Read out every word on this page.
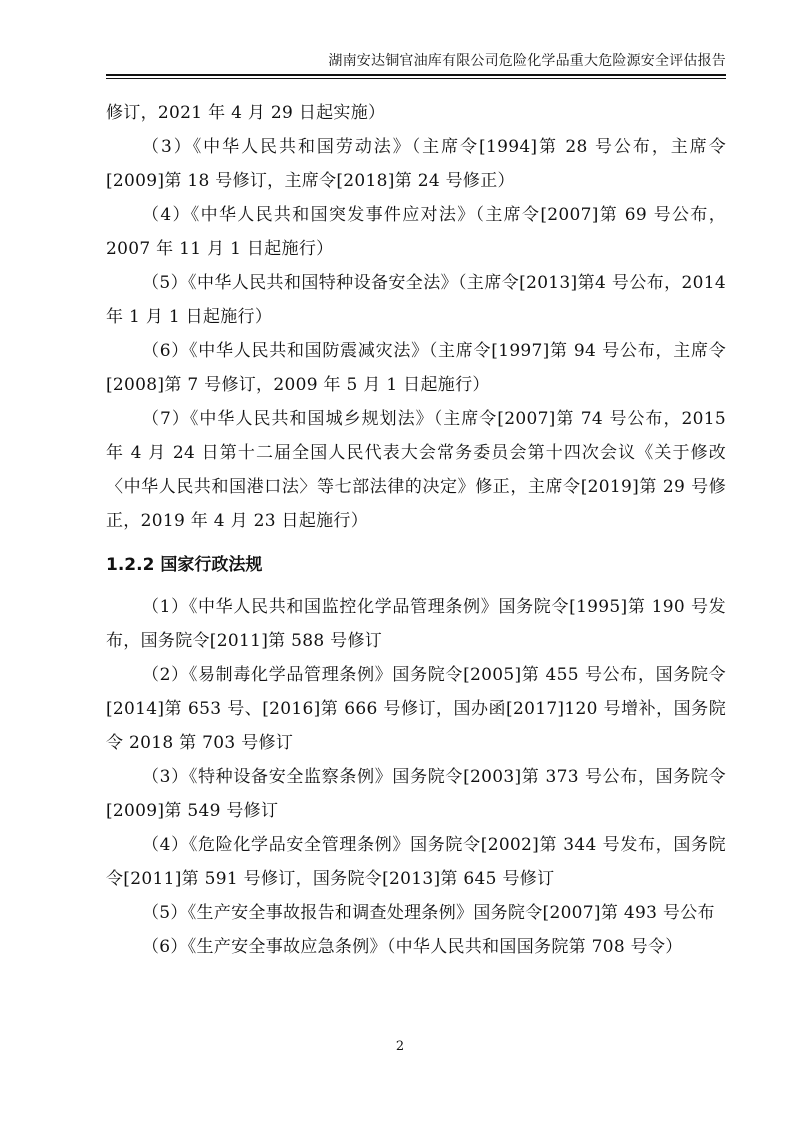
湖南安达铜官油库有限公司危险化学品重大危险源安全评估报告

修订，2021 年 4 月 29 日起实施）

（3）《中华人民共和国劳动法》（主席令[1994]第 28 号公布，主席令[2009]第 18 号修订，主席令[2018]第 24 号修正）

（4）《中华人民共和国突发事件应对法》（主席令[2007]第 69 号公布，2007 年 11 月 1 日起施行）

（5）《中华人民共和国特种设备安全法》（主席令[2013]第4 号公布，2014 年 1 月 1 日起施行）

（6）《中华人民共和国防震减灾法》（主席令[1997]第 94 号公布，主席令[2008]第 7 号修订，2009 年 5 月 1 日起施行）

（7）《中华人民共和国城乡规划法》（主席令[2007]第 74 号公布，2015 年 4 月 24 日第十二届全国人民代表大会常务委员会第十四次会议《关于修改〈中华人民共和国港口法〉等七部法律的决定》修正，主席令[2019]第 29 号修正，2019 年 4 月 23 日起施行）

1.2.2 国家行政法规

（1）《中华人民共和国监控化学品管理条例》国务院令[1995]第 190 号发布，国务院令[2011]第 588 号修订

（2）《易制毒化学品管理条例》国务院令[2005]第 455 号公布，国务院令[2014]第 653 号、[2016]第 666 号修订，国办函[2017]120 号增补，国务院令 2018 第 703 号修订

（3）《特种设备安全监察条例》国务院令[2003]第 373 号公布，国务院令[2009]第 549 号修订

（4）《危险化学品安全管理条例》国务院令[2002]第 344 号发布，国务院令[2011]第 591 号修订，国务院令[2013]第 645 号修订

（5）《生产安全事故报告和调查处理条例》国务院令[2007]第 493 号公布

（6）《生产安全事故应急条例》（中华人民共和国国务院第 708 号令）

2
